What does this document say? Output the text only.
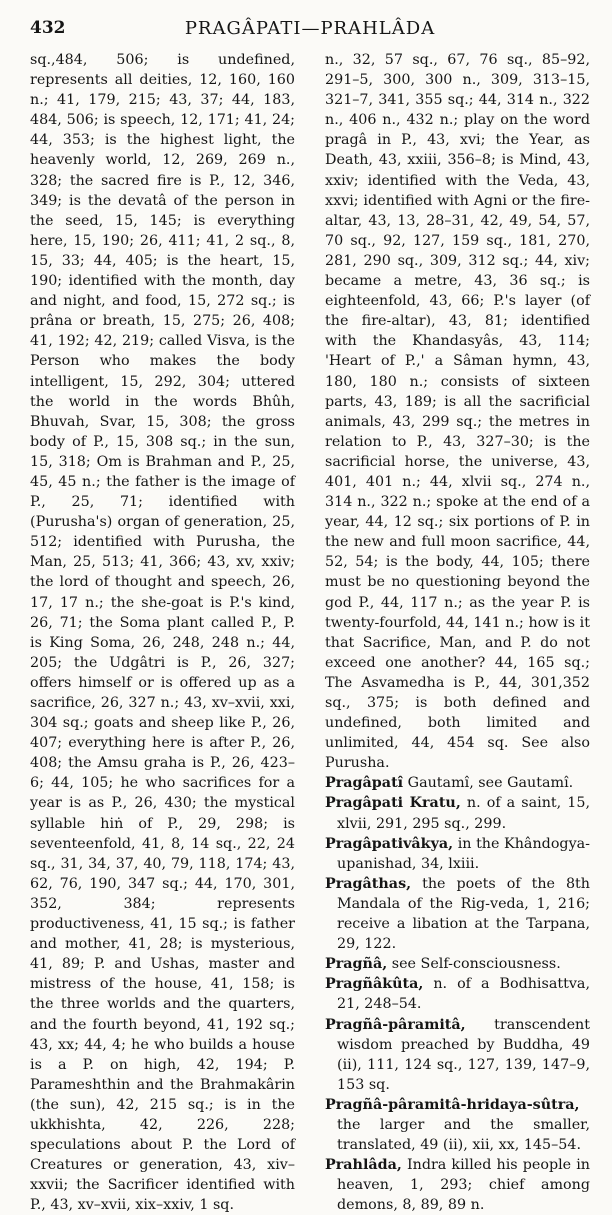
432	PRAGÂPATI—PRAHLÂDA

sq.,484, 506; is undefined, represents all deities, 12, 160, 160 n.; 41, 179, 215; 43, 37; 44, 183, 484, 506; is speech, 12, 171; 41, 24; 44, 353; is the highest light, the heavenly world, 12, 269, 269 n., 328; the sacred fire is P., 12, 346, 349; is the devatâ of the person in the seed, 15, 145; is everything here, 15, 190; 26, 411; 41, 2 sq., 8, 15, 33; 44, 405; is the heart, 15, 190; identified with the month, day and night, and food, 15, 272 sq.; is prâna or breath, 15, 275; 26, 408; 41, 192; 42, 219; called Visva, is the Person who makes the body intelligent, 15, 292, 304; uttered the world in the words Bhûh, Bhuvah, Svar, 15, 308; the gross body of P., 15, 308 sq.; in the sun, 15, 318; Om is Brahman and P., 25, 45, 45 n.; the father is the image of P., 25, 71; identified with (Purusha's) organ of generation, 25, 512; identified with Purusha, the Man, 25, 513; 41, 366; 43, xv, xxiv; the lord of thought and speech, 26, 17, 17 n.; the she-goat is P.'s kind, 26, 71; the Soma plant called P., P. is King Soma, 26, 248, 248 n.; 44, 205; the Udgâtri is P., 26, 327; offers himself or is offered up as a sacrifice, 26, 327 n.; 43, xv–xvii, xxi, 304 sq.; goats and sheep like P., 26, 407; everything here is after P., 26, 408; the Amsu graha is P., 26, 423–6; 44, 105; he who sacrifices for a year is as P., 26, 430; the mystical syllable hiṅ of P., 29, 298; is seventeenfold, 41, 8, 14 sq., 22, 24 sq., 31, 34, 37, 40, 79, 118, 174; 43, 62, 76, 190, 347 sq.; 44, 170, 301, 352, 384; represents productiveness, 41, 15 sq.; is father and mother, 41, 28; is mysterious, 41, 89; P. and Ushas, master and mistress of the house, 41, 158; is the three worlds and the quarters, and the fourth beyond, 41, 192 sq.; 43, xx; 44, 4; he who builds a house is a P. on high, 42, 194; P. Parameshthin and the Brahmakârin (the sun), 42, 215 sq.; is in the ukkhishta, 42, 226, 228; speculations about P. the Lord of Creatures or generation, 43, xiv–xxvii; the Sacrificer identified with P., 43, xv–xvii, xix–xxiv, 1 sq.

n., 32, 57 sq., 67, 76 sq., 85–92, 291–5, 300, 300 n., 309, 313–15, 321–7, 341, 355 sq.; 44, 314 n., 322 n., 406 n., 432 n.; play on the word pragâ in P., 43, xvi; the Year, as Death, 43, xxiii, 356–8; is Mind, 43, xxiv; identified with the Veda, 43, xxvi; identified with Agni or the fire-altar, 43, 13, 28–31, 42, 49, 54, 57, 70 sq., 92, 127, 159 sq., 181, 270, 281, 290 sq., 309, 312 sq.; 44, xiv; became a metre, 43, 36 sq.; is eighteenfold, 43, 66; P.'s layer (of the fire-altar), 43, 81; identified with the Khandasyâs, 43, 114; 'Heart of P.,' a Sâman hymn, 43, 180, 180 n.; consists of sixteen parts, 43, 189; is all the sacrificial animals, 43, 299 sq.; the metres in relation to P., 43, 327–30; is the sacrificial horse, the universe, 43, 401, 401 n.; 44, xlvii sq., 274 n., 314 n., 322 n.; spoke at the end of a year, 44, 12 sq.; six portions of P. in the new and full moon sacrifice, 44, 52, 54; is the body, 44, 105; there must be no questioning beyond the god P., 44, 117 n.; as the year P. is twenty-fourfold, 44, 141 n.; how is it that Sacrifice, Man, and P. do not exceed one another? 44, 165 sq.; The Asvamedha is P., 44, 301,352 sq., 375; is both defined and undefined, both limited and unlimited, 44, 454 sq. See also Purusha.

Pragâpatî Gautamî, see Gautamî.

Pragâpati Kratu, n. of a saint, 15, xlvii, 291, 295 sq., 299.

Pragâpativâkya, in the Khândogya-upanishad, 34, lxiii.

Pragâthas, the poets of the 8th Mandala of the Rig-veda, 1, 216; receive a libation at the Tarpana, 29, 122.

Pragñâ, see Self-consciousness.

Pragñâkûta, n. of a Bodhisattva, 21, 248–54.

Pragñâ-pâramitâ, transcendent wisdom preached by Buddha, 49 (ii), 111, 124 sq., 127, 139, 147–9, 153 sq.

Pragñâ-pâramitâ-hridaya-sûtra, the larger and the smaller, translated, 49 (ii), xii, xx, 145–54.

Prahlâda, Indra killed his people in heaven, 1, 293; chief among demons, 8, 89, 89 n.
